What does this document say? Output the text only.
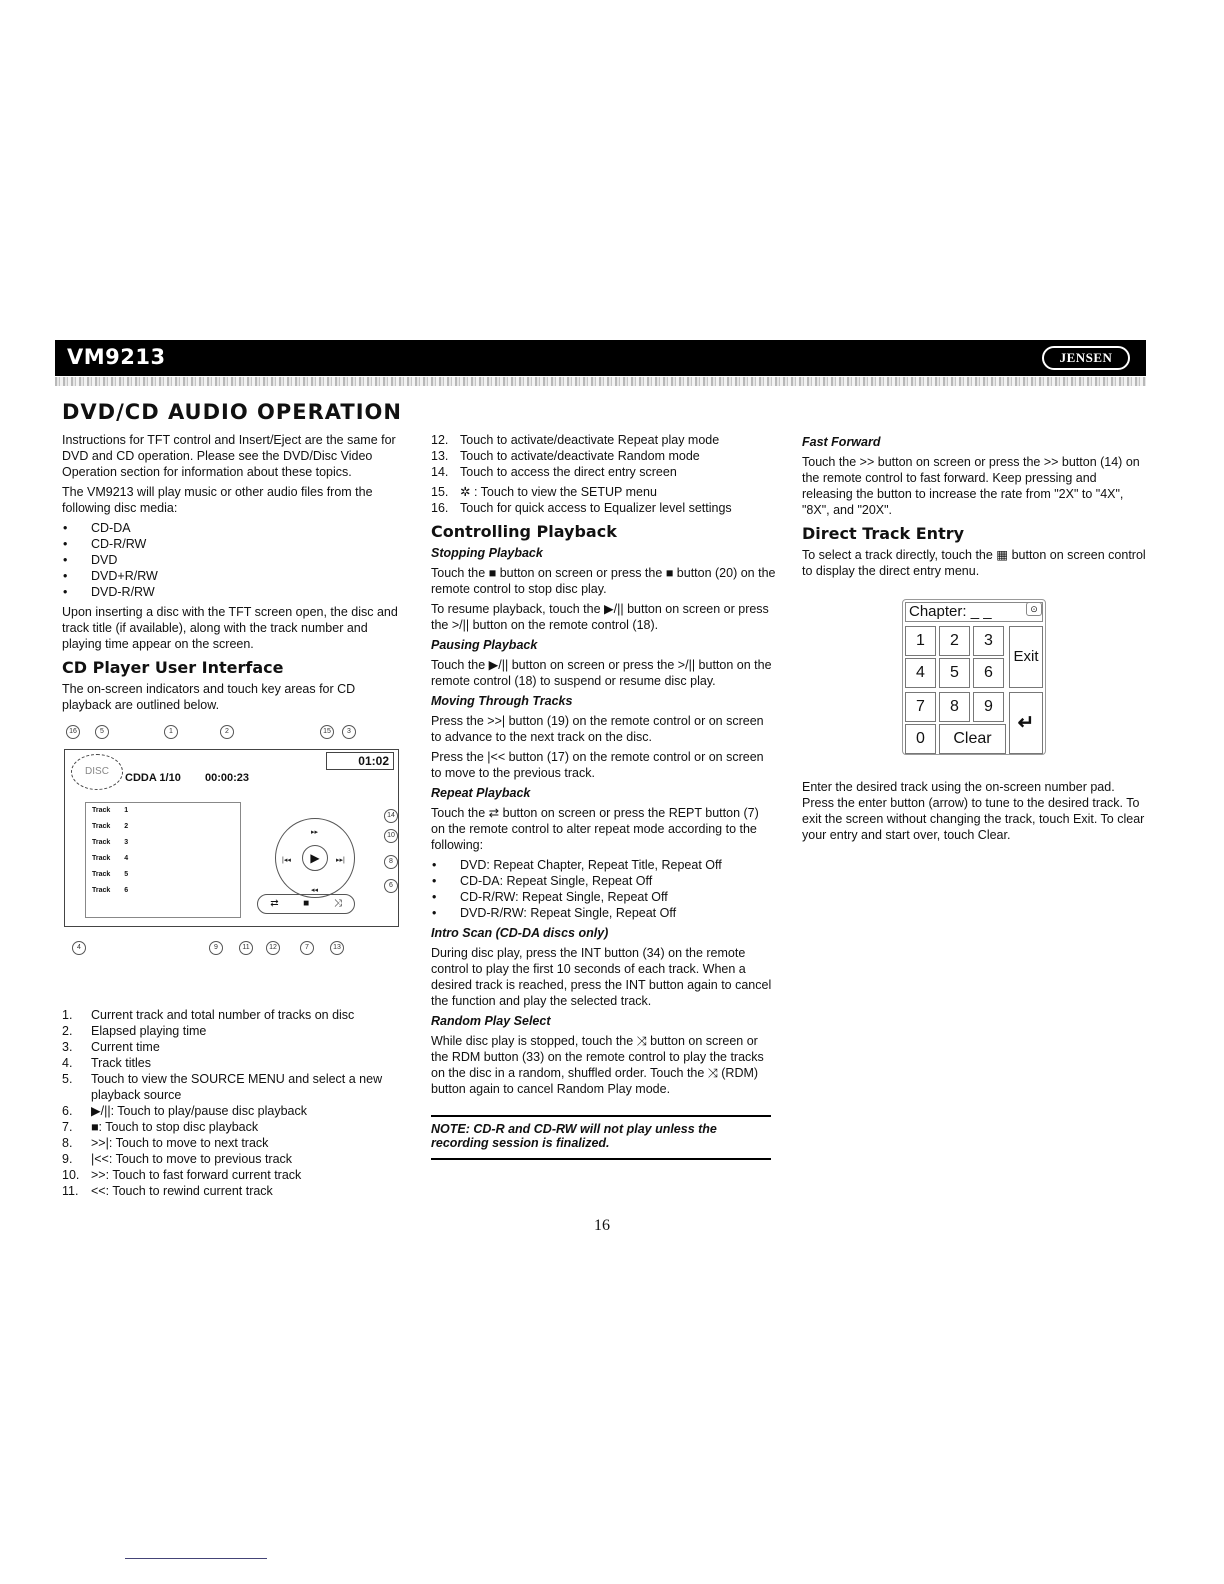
VM9213	JENSEN
DVD/CD AUDIO OPERATION

Instructions for TFT control and Insert/Eject are the same for DVD and CD operation. Please see the DVD/Disc Video Operation section for information about these topics.

The VM9213 will play music or other audio files from the following disc media:

• CD-DA
• CD-R/RW
• DVD
• DVD+R/RW
• DVD-R/RW

Upon inserting a disc with the TFT screen open, the disc and track title (if available), along with the track number and playing time appear on the screen.

CD Player User Interface

The on-screen indicators and touch key areas for CD playback are outlined below.

16	5	1	2	15	3
DISC
CDDA 1/10 00:00:23
01:02
Track 1
Track 2
Track 3
Track 4
Track 5
Track 6
▸▸
|◂◂	▸▸|
◂◂
▶
⇄ ■ ⤨
14
10
8
6
4	9	11	12	7	13
1. Current track and total number of tracks on disc
2. Elapsed playing time
3. Current time
4. Track titles
5. Touch to view the SOURCE MENU and select a new playback source
6. ▶/||: Touch to play/pause disc playback
7. ■: Touch to stop disc playback
8. >>|: Touch to move to next track
9. |<<: Touch to move to previous track
10. >>: Touch to fast forward current track
11. <<: Touch to rewind current track
12. Touch to activate/deactivate Repeat play mode
13. Touch to activate/deactivate Random mode
14. Touch to access the direct entry screen
15. ✲ : Touch to view the SETUP menu
16. Touch for quick access to Equalizer level settings
Controlling Playback
Stopping Playback

Touch the ■ button on screen or press the ■ button (20) on the remote control to stop disc play.

To resume playback, touch the ▶/|| button on screen or press the >/|| button on the remote control (18).

Pausing Playback

Touch the ▶/|| button on screen or press the >/|| button on the remote control (18) to suspend or resume disc play.

Moving Through Tracks

Press the >>| button (19) on the remote control or on screen to advance to the next track on the disc.

Press the |<< button (17) on the remote control or on screen to move to the previous track.

Repeat Playback

Touch the ⇄ button on screen or press the REPT button (7) on the remote control to alter repeat mode according to the following:

• DVD: Repeat Chapter, Repeat Title, Repeat Off
• CD-DA: Repeat Single, Repeat Off
• CD-R/RW: Repeat Single, Repeat Off
• DVD-R/RW: Repeat Single, Repeat Off
Intro Scan (CD-DA discs only)

During disc play, press the INT button (34) on the remote control to play the first 10 seconds of each track. When a desired track is reached, press the INT button again to cancel the function and play the selected track.

Random Play Select

While disc play is stopped, touch the ⤨ button on screen or the RDM button (33) on the remote control to play the tracks on the disc in a random, shuffled order. Touch the ⤨ (RDM) button again to cancel Random Play mode.

NOTE: CD-R and CD-RW will not play unless the recording session is finalized.
Fast Forward

Touch the >> button on screen or press the >> button (14) on the remote control to fast forward. Keep pressing and releasing the button to increase the rate from "2X" to "4X", "8X", and "20X".

Direct Track Entry

To select a track directly, touch the ▦ button on screen control to display the direct entry menu.

Chapter: _ _	⊙
1	2	3
4	5	6
7	8	9
0	Clear
Exit
↵

Enter the desired track using the on-screen number pad. Press the enter button (arrow) to tune to the desired track. To exit the screen without changing the track, touch Exit. To clear your entry and start over, touch Clear.

16
